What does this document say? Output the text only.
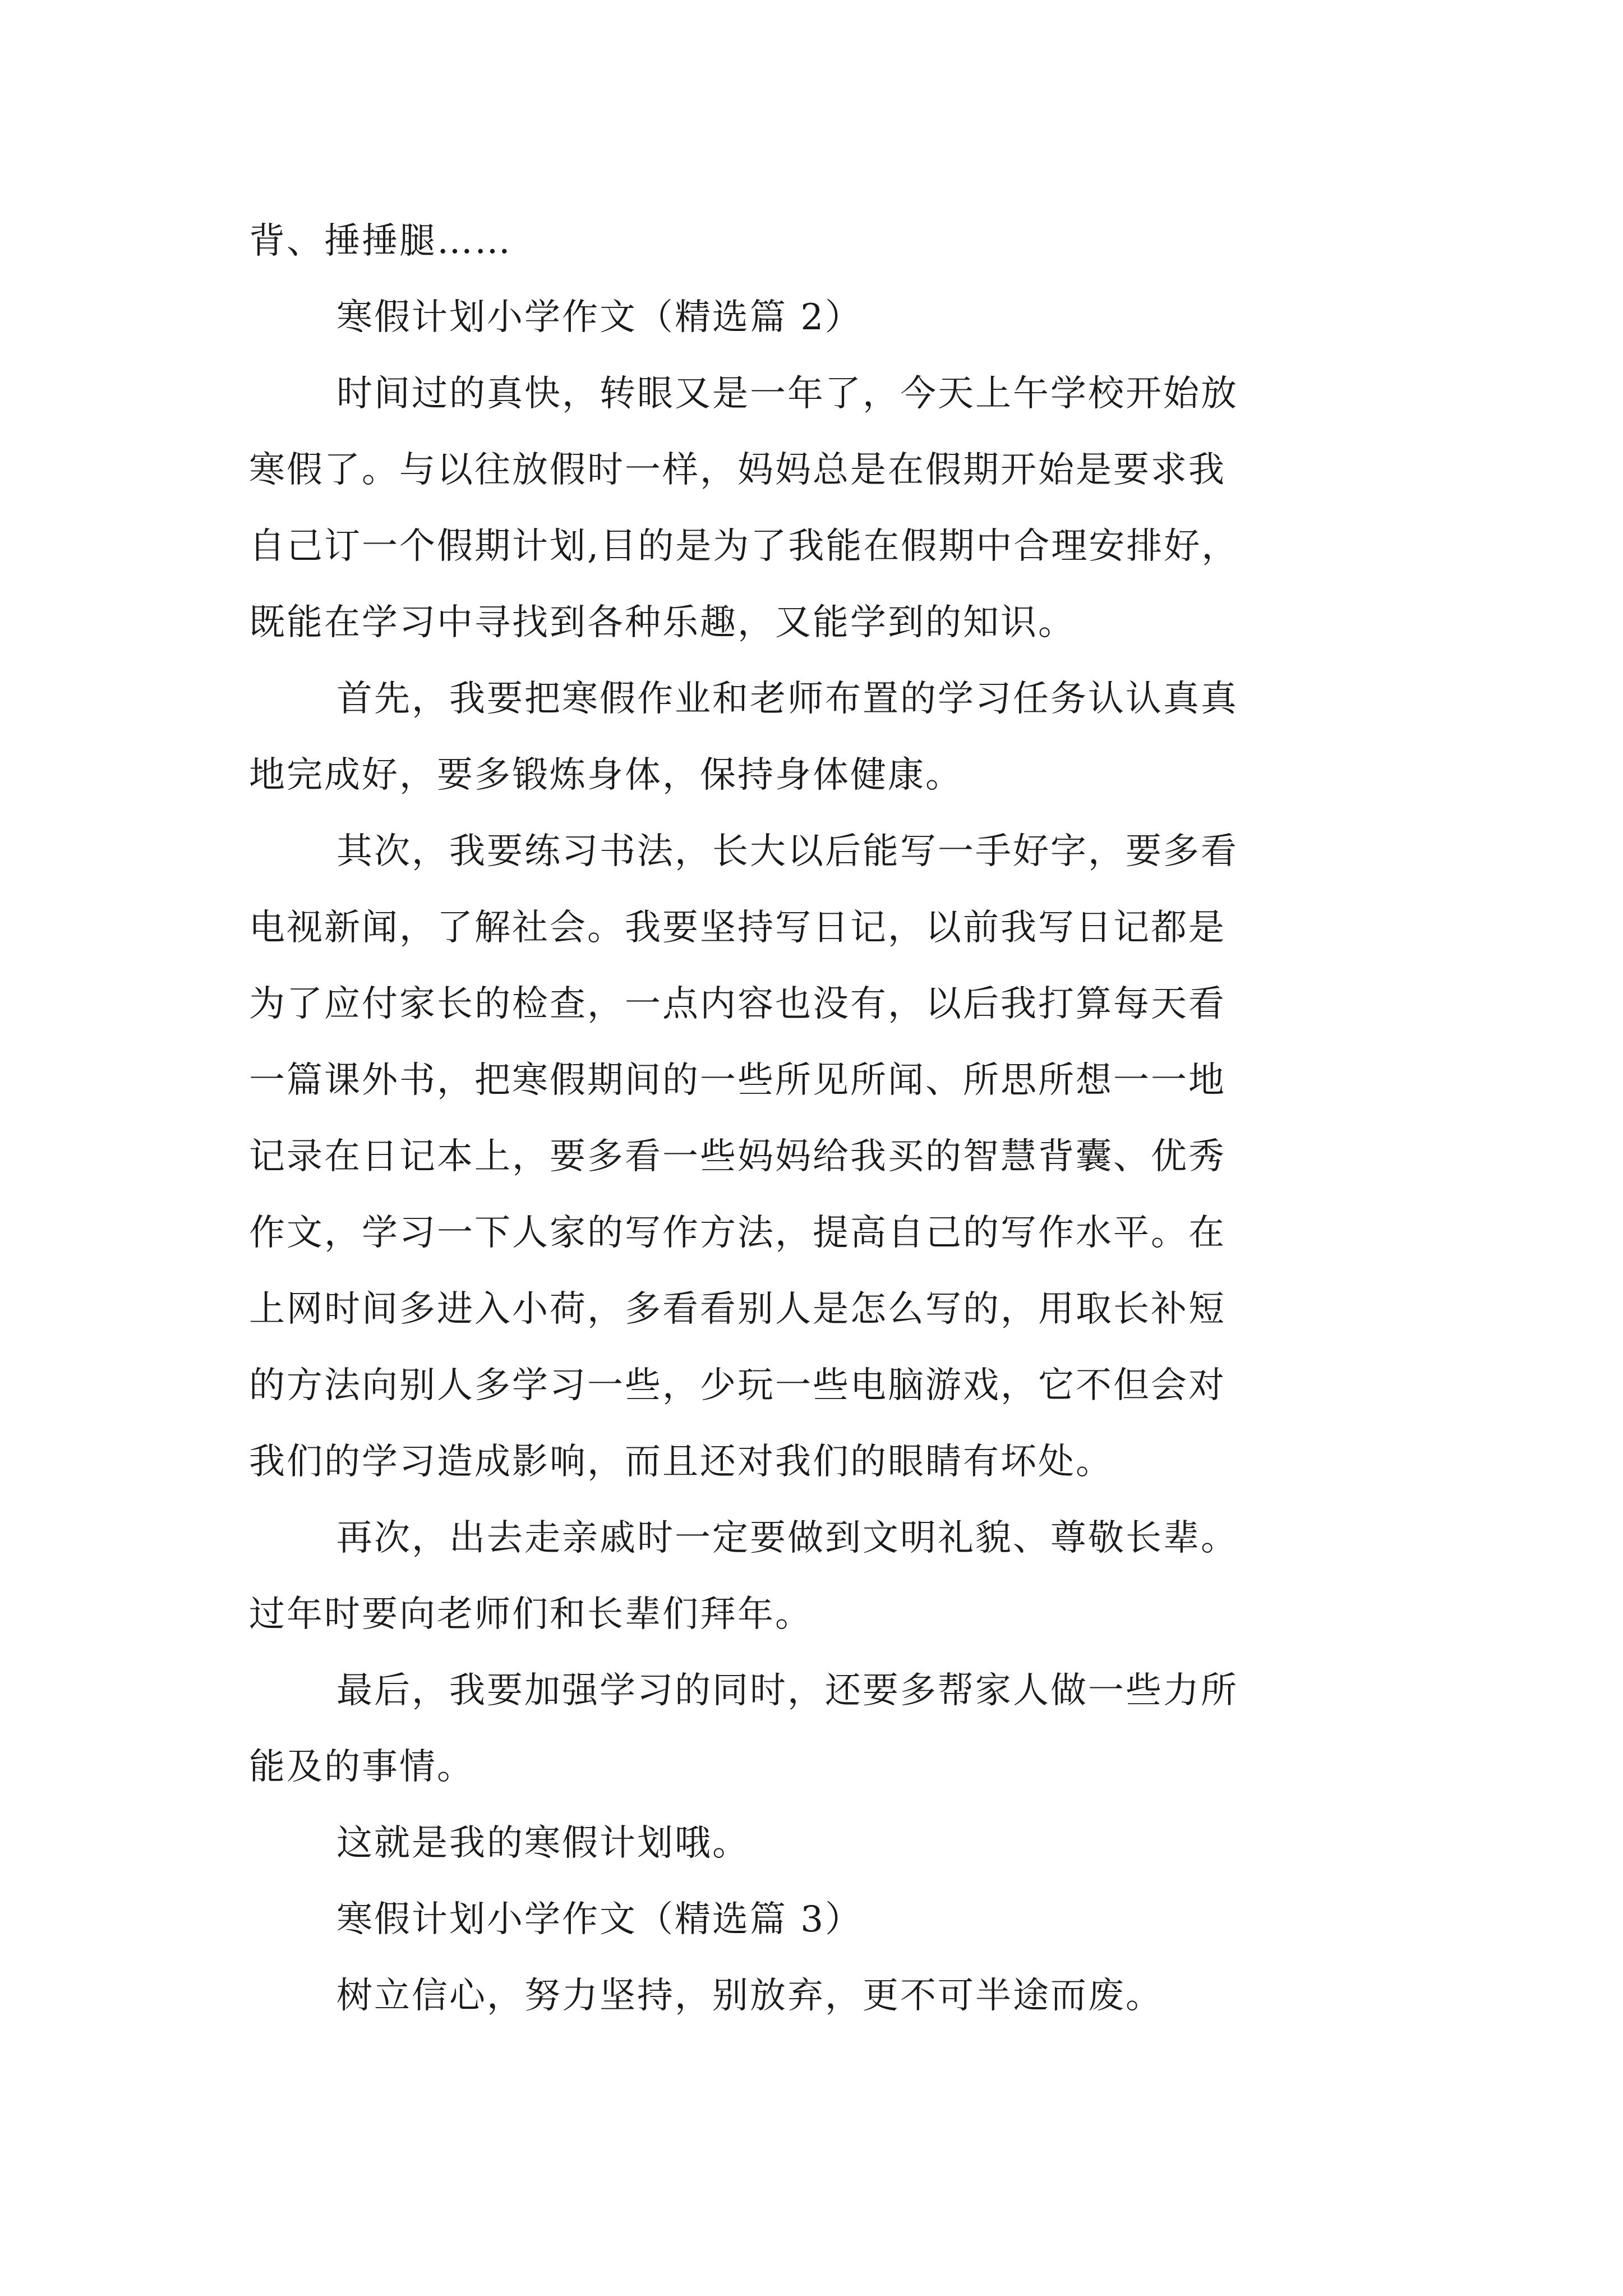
背、捶捶腿……
寒假计划小学作文（精选篇 2）
时间过的真快，转眼又是一年了，今天上午学校开始放
寒假了。与以往放假时一样，妈妈总是在假期开始是要求我
自己订一个假期计划,目的是为了我能在假期中合理安排好，
既能在学习中寻找到各种乐趣，又能学到的知识。
首先，我要把寒假作业和老师布置的学习任务认认真真
地完成好，要多锻炼身体，保持身体健康。
其次，我要练习书法，长大以后能写一手好字，要多看
电视新闻，了解社会。我要坚持写日记，以前我写日记都是
为了应付家长的检查，一点内容也没有，以后我打算每天看
一篇课外书，把寒假期间的一些所见所闻、所思所想一一地
记录在日记本上，要多看一些妈妈给我买的智慧背囊、优秀
作文，学习一下人家的写作方法，提高自己的写作水平。在
上网时间多进入小荷，多看看别人是怎么写的，用取长补短
的方法向别人多学习一些，少玩一些电脑游戏，它不但会对
我们的学习造成影响，而且还对我们的眼睛有坏处。
再次，出去走亲戚时一定要做到文明礼貌、尊敬长辈。
过年时要向老师们和长辈们拜年。
最后，我要加强学习的同时，还要多帮家人做一些力所
能及的事情。
这就是我的寒假计划哦。
寒假计划小学作文（精选篇 3）
树立信心，努力坚持，别放弃，更不可半途而废。
